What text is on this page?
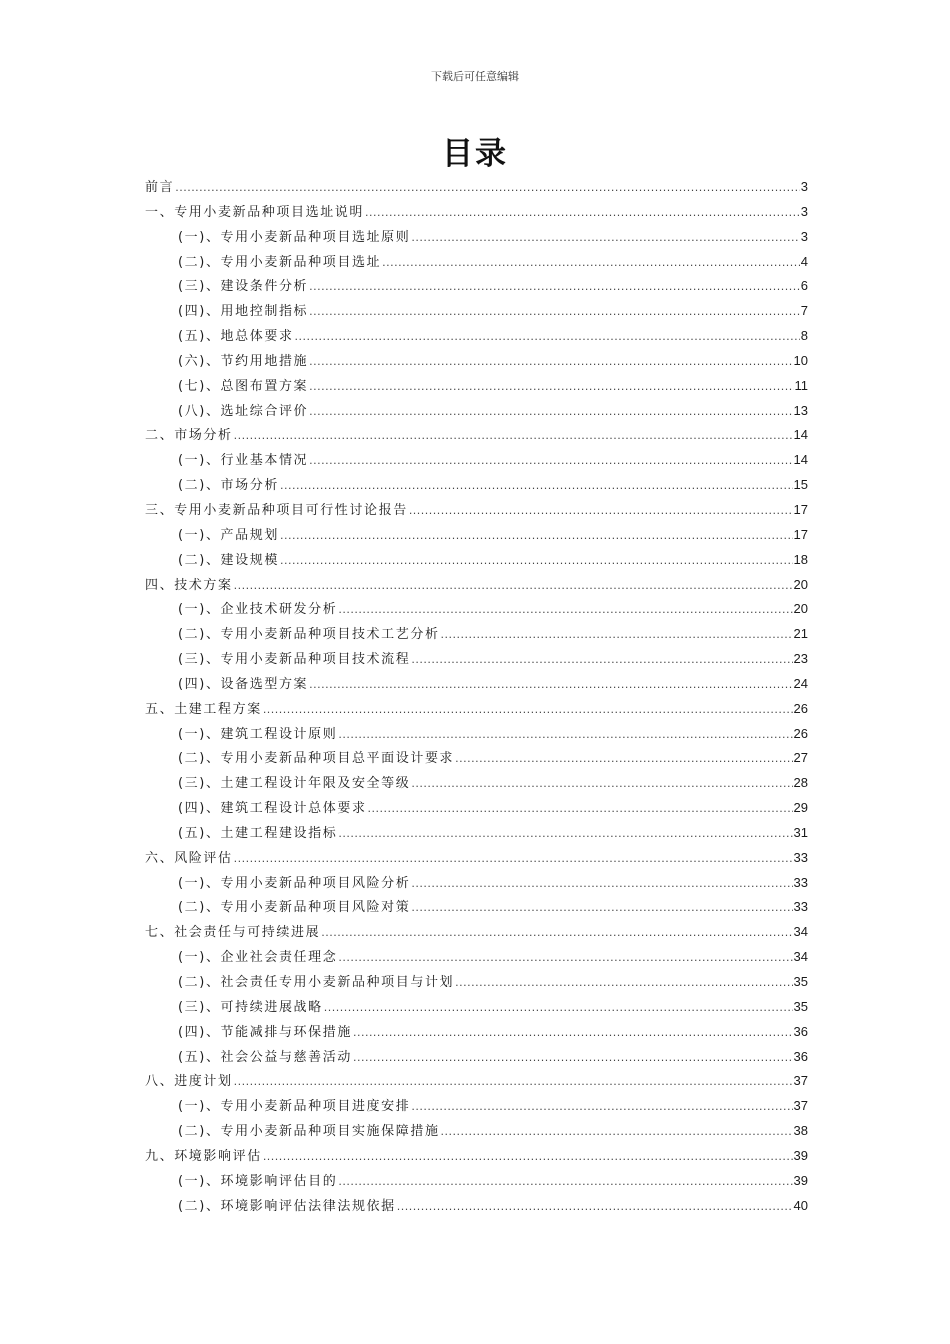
下载后可任意编辑
目录
前言 .....	3
一、专用小麦新品种项目选址说明 .....	3
(一)、专用小麦新品种项目选址原则 .....	3
(二)、专用小麦新品种项目选址 .....	4
(三)、建设条件分析 .....	6
(四)、用地控制指标 .....	7
(五)、地总体要求 .....	8
(六)、节约用地措施 .....	10
(七)、总图布置方案 .....	11
(八)、选址综合评价 .....	13
二、市场分析 .....	14
(一)、行业基本情况 .....	14
(二)、市场分析 .....	15
三、专用小麦新品种项目可行性讨论报告 .....	17
(一)、产品规划 .....	17
(二)、建设规模 .....	18
四、技术方案 .....	20
(一)、企业技术研发分析 .....	20
(二)、专用小麦新品种项目技术工艺分析 .....	21
(三)、专用小麦新品种项目技术流程 .....	23
(四)、设备选型方案 .....	24
五、土建工程方案 .....	26
(一)、建筑工程设计原则 .....	26
(二)、专用小麦新品种项目总平面设计要求 .....	27
(三)、土建工程设计年限及安全等级 .....	28
(四)、建筑工程设计总体要求 .....	29
(五)、土建工程建设指标 .....	31
六、风险评估 .....	33
(一)、专用小麦新品种项目风险分析 .....	33
(二)、专用小麦新品种项目风险对策 .....	33
七、社会责任与可持续进展 .....	34
(一)、企业社会责任理念 .....	34
(二)、社会责任专用小麦新品种项目与计划 .....	35
(三)、可持续进展战略 .....	35
(四)、节能减排与环保措施 .....	36
(五)、社会公益与慈善活动 .....	36
八、进度计划 .....	37
(一)、专用小麦新品种项目进度安排 .....	37
(二)、专用小麦新品种项目实施保障措施 .....	38
九、环境影响评估 .....	39
(一)、环境影响评估目的 .....	39
(二)、环境影响评估法律法规依据 .....	40
